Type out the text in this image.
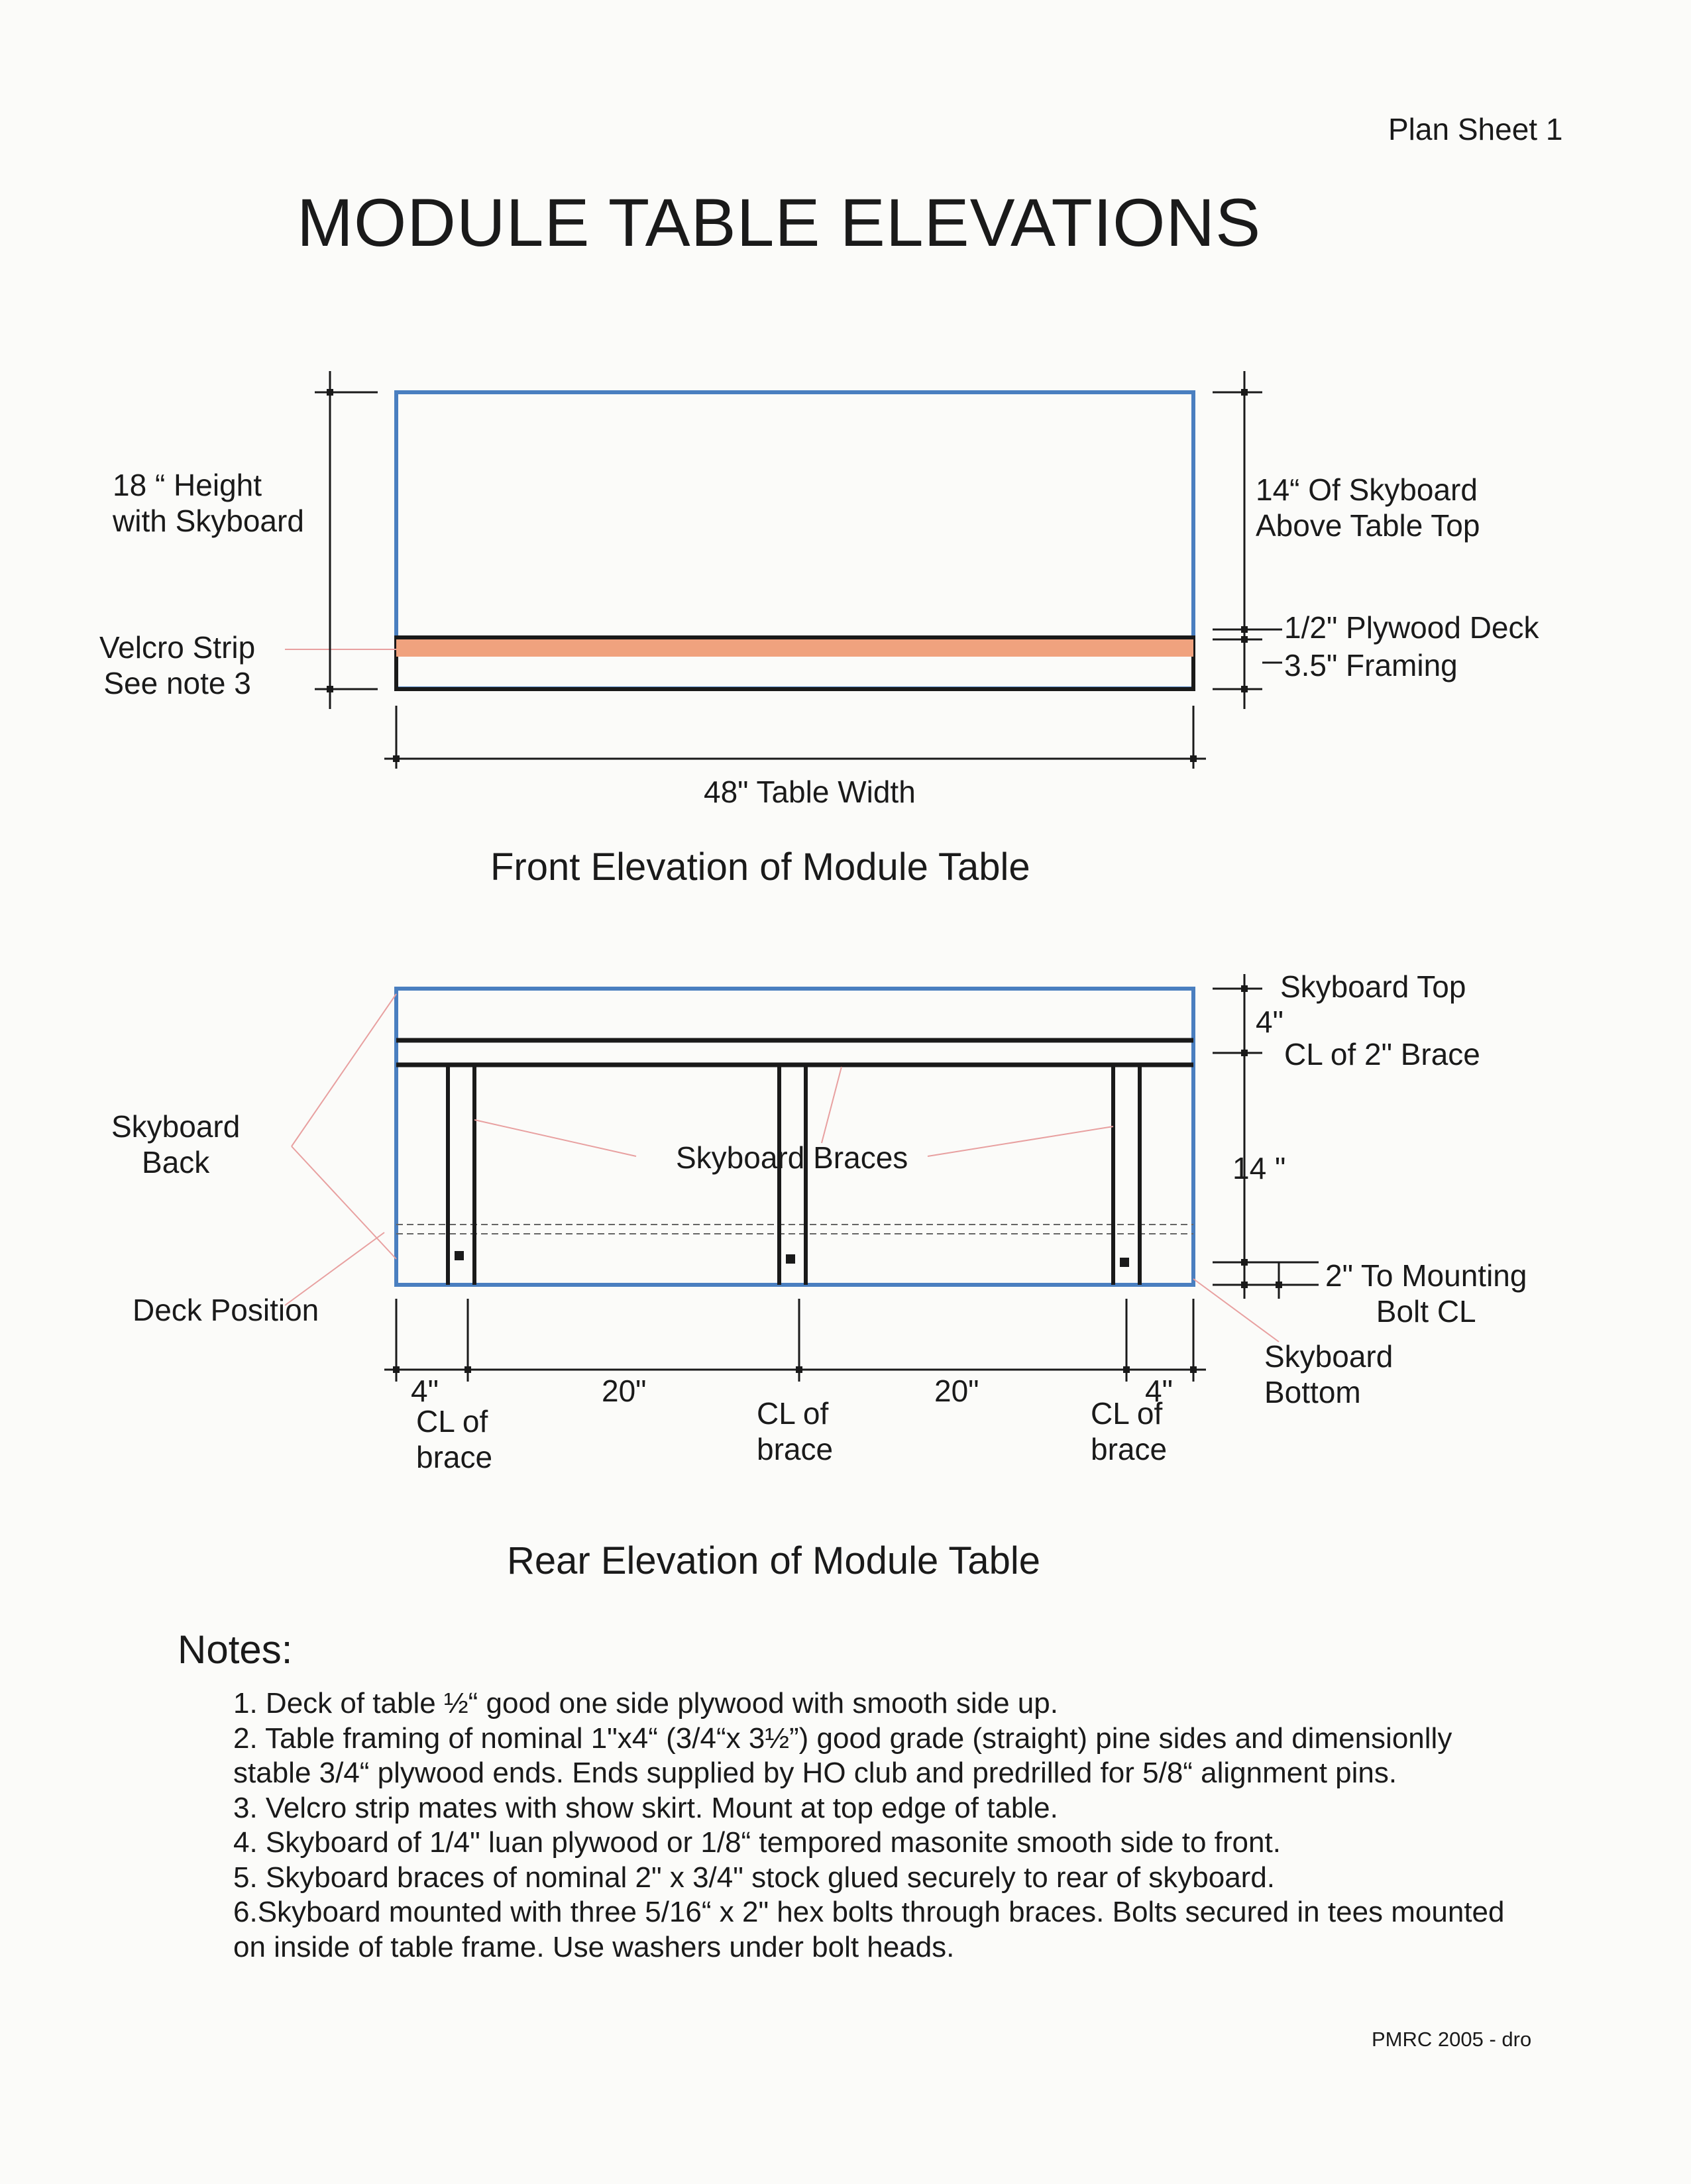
Plan Sheet 1
MODULE TABLE ELEVATIONS
18 “ Height
with Skyboard
Velcro Strip
See note 3
14“ Of Skyboard
Above Table Top
1/2" Plywood Deck
3.5" Framing
48" Table Width
Front Elevation of Module Table
Skyboard
Back	Skyboard Braces
Deck Position
Skyboard Top
4"
CL of 2" Brace
14 "
2" To Mounting
Bolt CL
Skyboard
Bottom
4"	20"	20"	4"
CL of
brace
CL of
brace
CL of
brace
Rear Elevation of Module Table
Notes:

1. Deck of table ½“ good one side plywood with smooth side up.

2. Table framing of nominal 1"x4“ (3/4“x 3½”) good grade (straight) pine sides and dimensionlly stable 3/4“ plywood ends. Ends supplied by HO club and predrilled for 5/8“ alignment pins.

3. Velcro strip mates with show skirt. Mount at top edge of table.

4. Skyboard of 1/4" luan plywood or 1/8“ tempored masonite smooth side to front.

5. Skyboard braces of nominal 2" x 3/4" stock glued securely to rear of skyboard.

6.Skyboard mounted with three 5/16“ x 2" hex bolts through braces. Bolts secured in tees mounted on inside of table frame. Use washers under bolt heads.

PMRC 2005 - dro
